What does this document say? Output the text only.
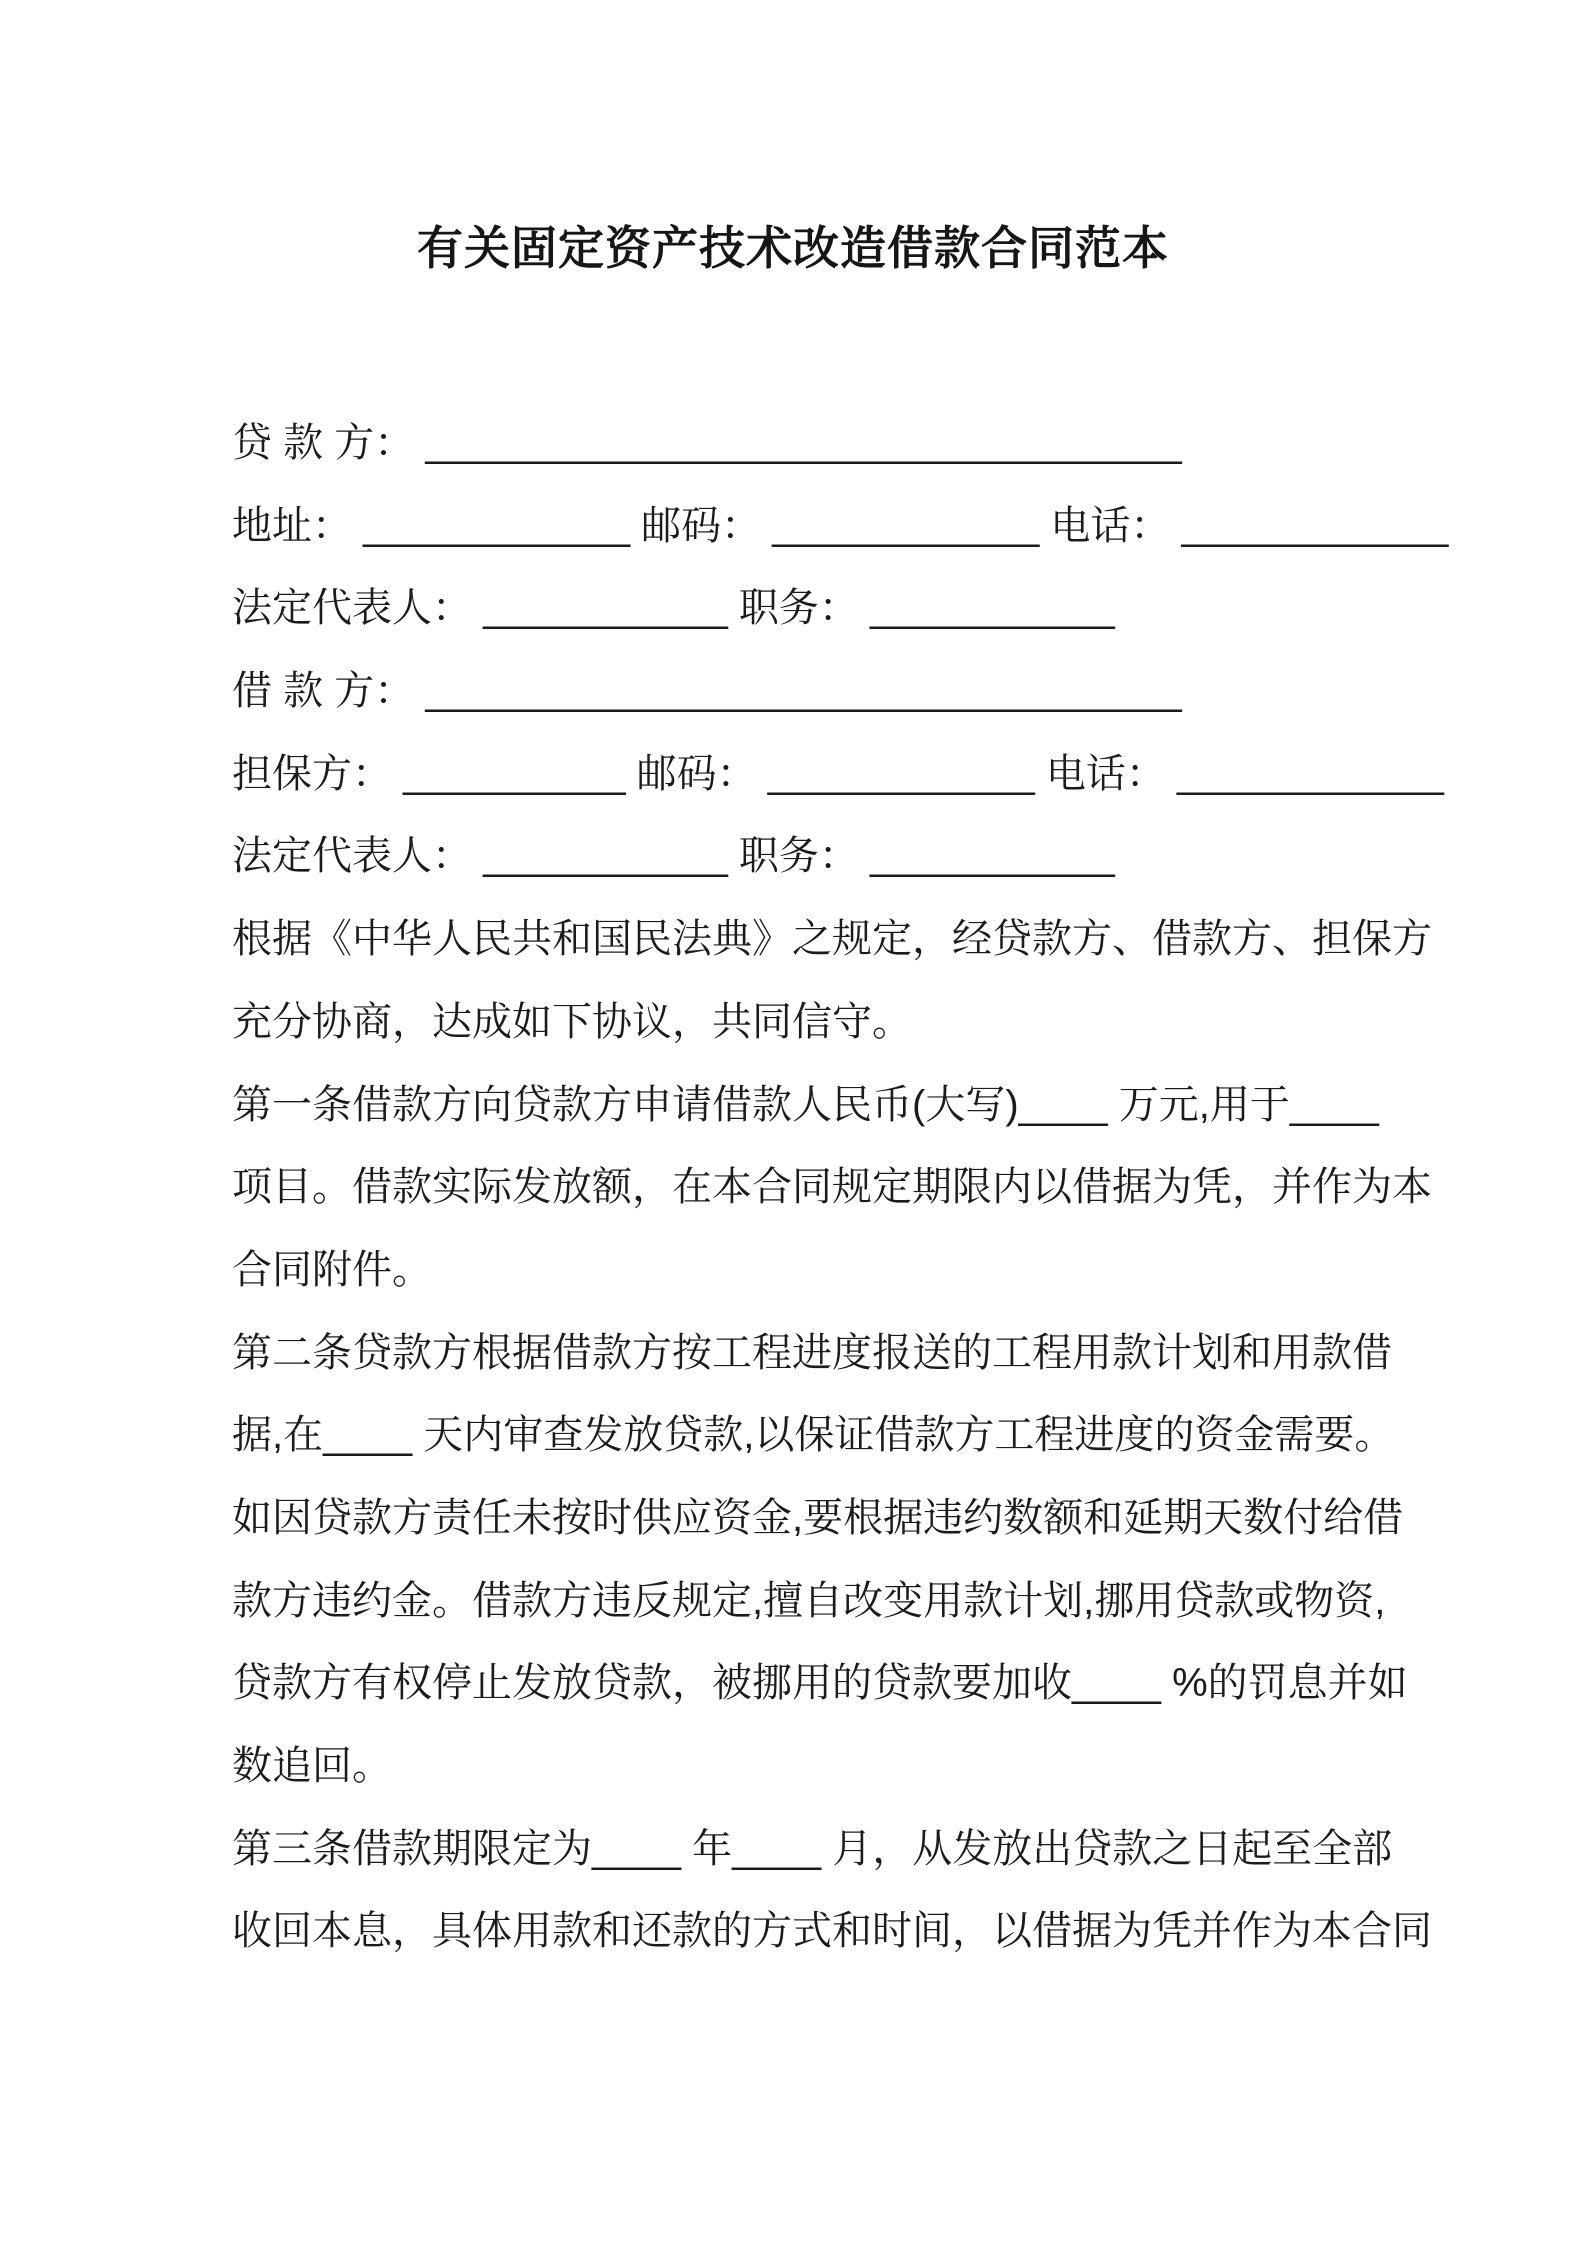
有关固定资产技术改造借款合同范本
贷 款 方： __________________________________
地址： ____________ 邮码： ____________ 电话： ____________
法定代表人： ___________ 职务： ___________
借 款 方： __________________________________
担保方： __________ 邮码： ____________ 电话： ____________
法定代表人： ___________ 职务： ___________
根据《中华人民共和国民法典》之规定，经贷款方、借款方、担保方
充分协商，达成如下协议，共同信守。
第一条借款方向贷款方申请借款人民币(大写)____ 万元,用于____
项目。借款实际发放额，在本合同规定期限内以借据为凭，并作为本
合同附件。
第二条贷款方根据借款方按工程进度报送的工程用款计划和用款借
据,在____ 天内审查发放贷款,以保证借款方工程进度的资金需要。
如因贷款方责任未按时供应资金,要根据违约数额和延期天数付给借
款方违约金。借款方违反规定,擅自改变用款计划,挪用贷款或物资,
贷款方有权停止发放贷款，被挪用的贷款要加收____ %的罚息并如
数追回。
第三条借款期限定为____ 年____ 月，从发放出贷款之日起至全部
收回本息，具体用款和还款的方式和时间，以借据为凭并作为本合同
